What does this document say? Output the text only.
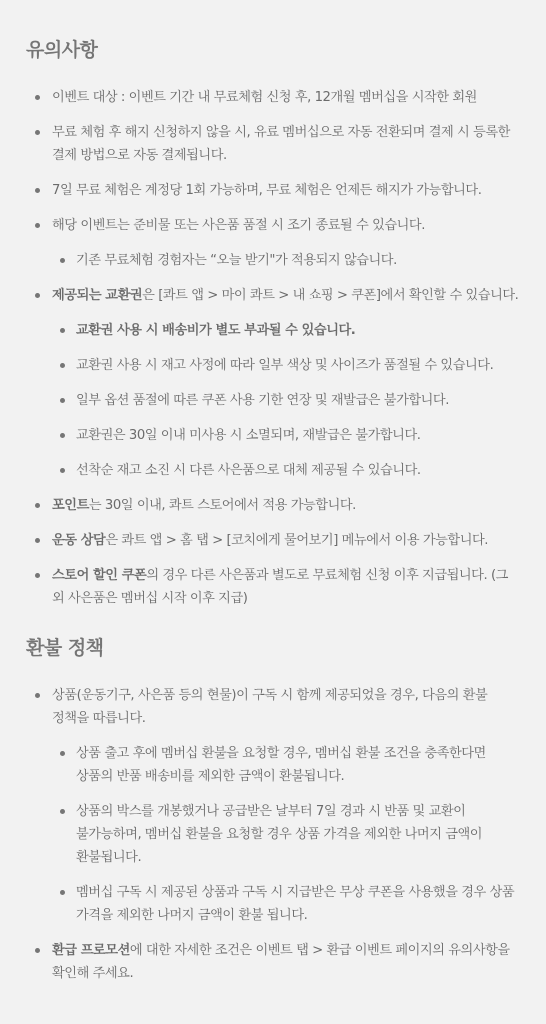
유의사항
이벤트 대상 : 이벤트 기간 내 무료체험 신청 후, 12개월 멤버십을 시작한 회원
무료 체험 후 해지 신청하지 않을 시, 유료 멤버십으로 자동 전환되며 결제 시 등록한 결제 방법으로 자동 결제됩니다.
7일 무료 체험은 계정당 1회 가능하며, 무료 체험은 언제든 해지가 가능합니다.
해당 이벤트는 준비물 또는 사은품 품절 시 조기 종료될 수 있습니다.
기존 무료체험 경험자는 “오늘 받기"가 적용되지 않습니다.
제공되는 교환권은 [콰트 앱 > 마이 콰트 > 내 쇼핑 > 쿠폰]에서 확인할 수 있습니다.
교환권 사용 시 배송비가 별도 부과될 수 있습니다.
교환권 사용 시 재고 사정에 따라 일부 색상 및 사이즈가 품절될 수 있습니다.
일부 옵션 품절에 따른 쿠폰 사용 기한 연장 및 재발급은 불가합니다.
교환권은 30일 이내 미사용 시 소멸되며, 재발급은 불가합니다.
선착순 재고 소진 시 다른 사은품으로 대체 제공될 수 있습니다.
포인트는 30일 이내, 콰트 스토어에서 적용 가능합니다.
운동 상담은 콰트 앱 > 홈 탭 > [코치에게 물어보기] 메뉴에서 이용 가능합니다.
스토어 할인 쿠폰의 경우 다른 사은품과 별도로 무료체험 신청 이후 지급됩니다. (그 외 사은품은 멤버십 시작 이후 지급)
환불 정책
상품(운동기구, 사은품 등의 현물)이 구독 시 함께 제공되었을 경우, 다음의 환불 정책을 따릅니다.
상품 출고 후에 멤버십 환불을 요청할 경우, 멤버십 환불 조건을 충족한다면 상품의 반품 배송비를 제외한 금액이 환불됩니다.
상품의 박스를 개봉했거나 공급받은 날부터 7일 경과 시 반품 및 교환이 불가능하며, 멤버십 환불을 요청할 경우 상품 가격을 제외한 나머지 금액이 환불됩니다.
멤버십 구독 시 제공된 상품과 구독 시 지급받은 무상 쿠폰을 사용했을 경우 상품 가격을 제외한 나머지 금액이 환불 됩니다.
환급 프로모션에 대한 자세한 조건은 이벤트 탭 > 환급 이벤트 페이지의 유의사항을 확인해 주세요.
